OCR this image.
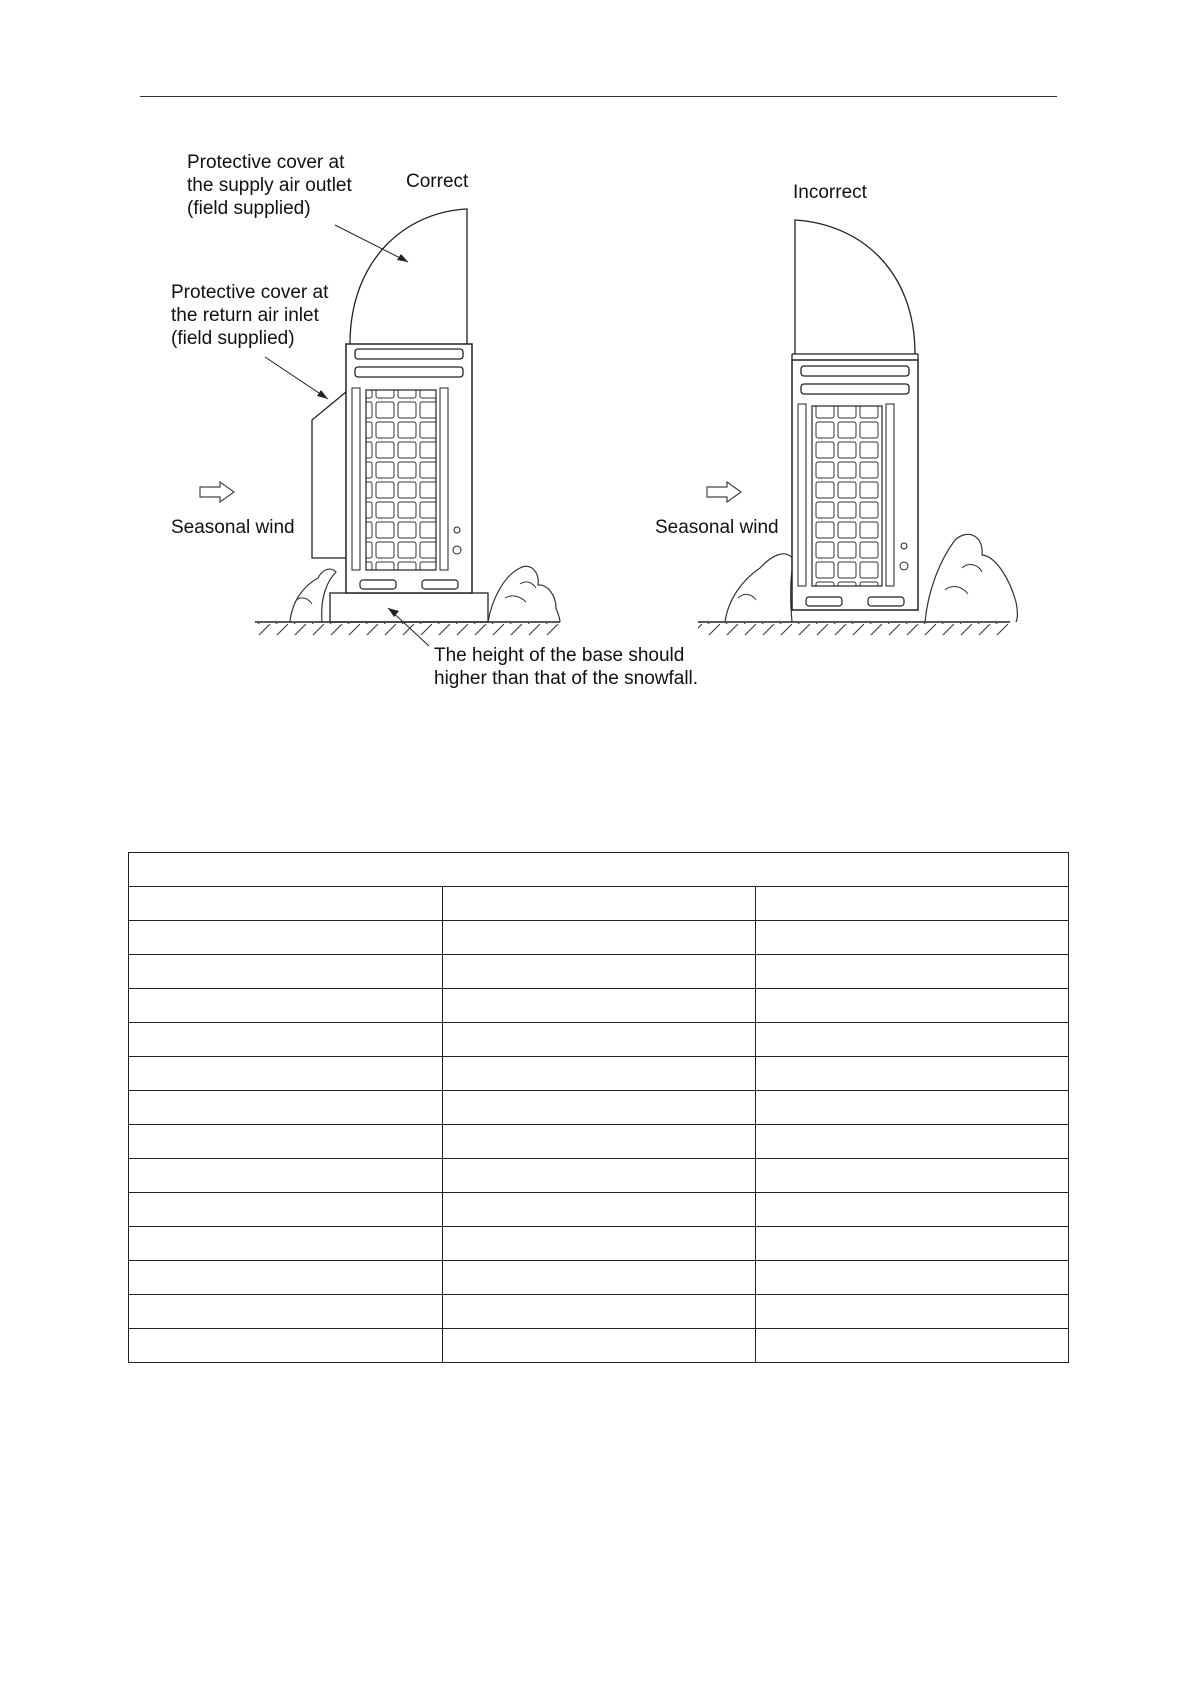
Protective cover at
the supply air outlet
(field supplied)
Correct
Protective cover at
the return air inlet
(field supplied)
Seasonal wind
The height of the base should
higher than that of the snowfall.
Incorrect
Seasonal wind
